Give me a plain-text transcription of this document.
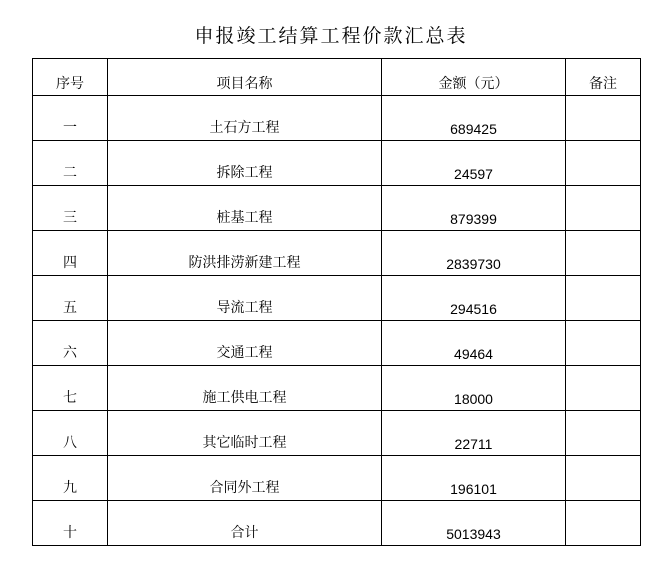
申报竣工结算工程价款汇总表
序号	项目名称	金额（元）	备注
一	土石方工程	689425	
二	拆除工程	24597	
三	桩基工程	879399	
四	防洪排涝新建工程	2839730	
五	导流工程	294516	
六	交通工程	49464	
七	施工供电工程	18000	
八	其它临时工程	22711	
九	合同外工程	196101	
十	合计	5013943	
